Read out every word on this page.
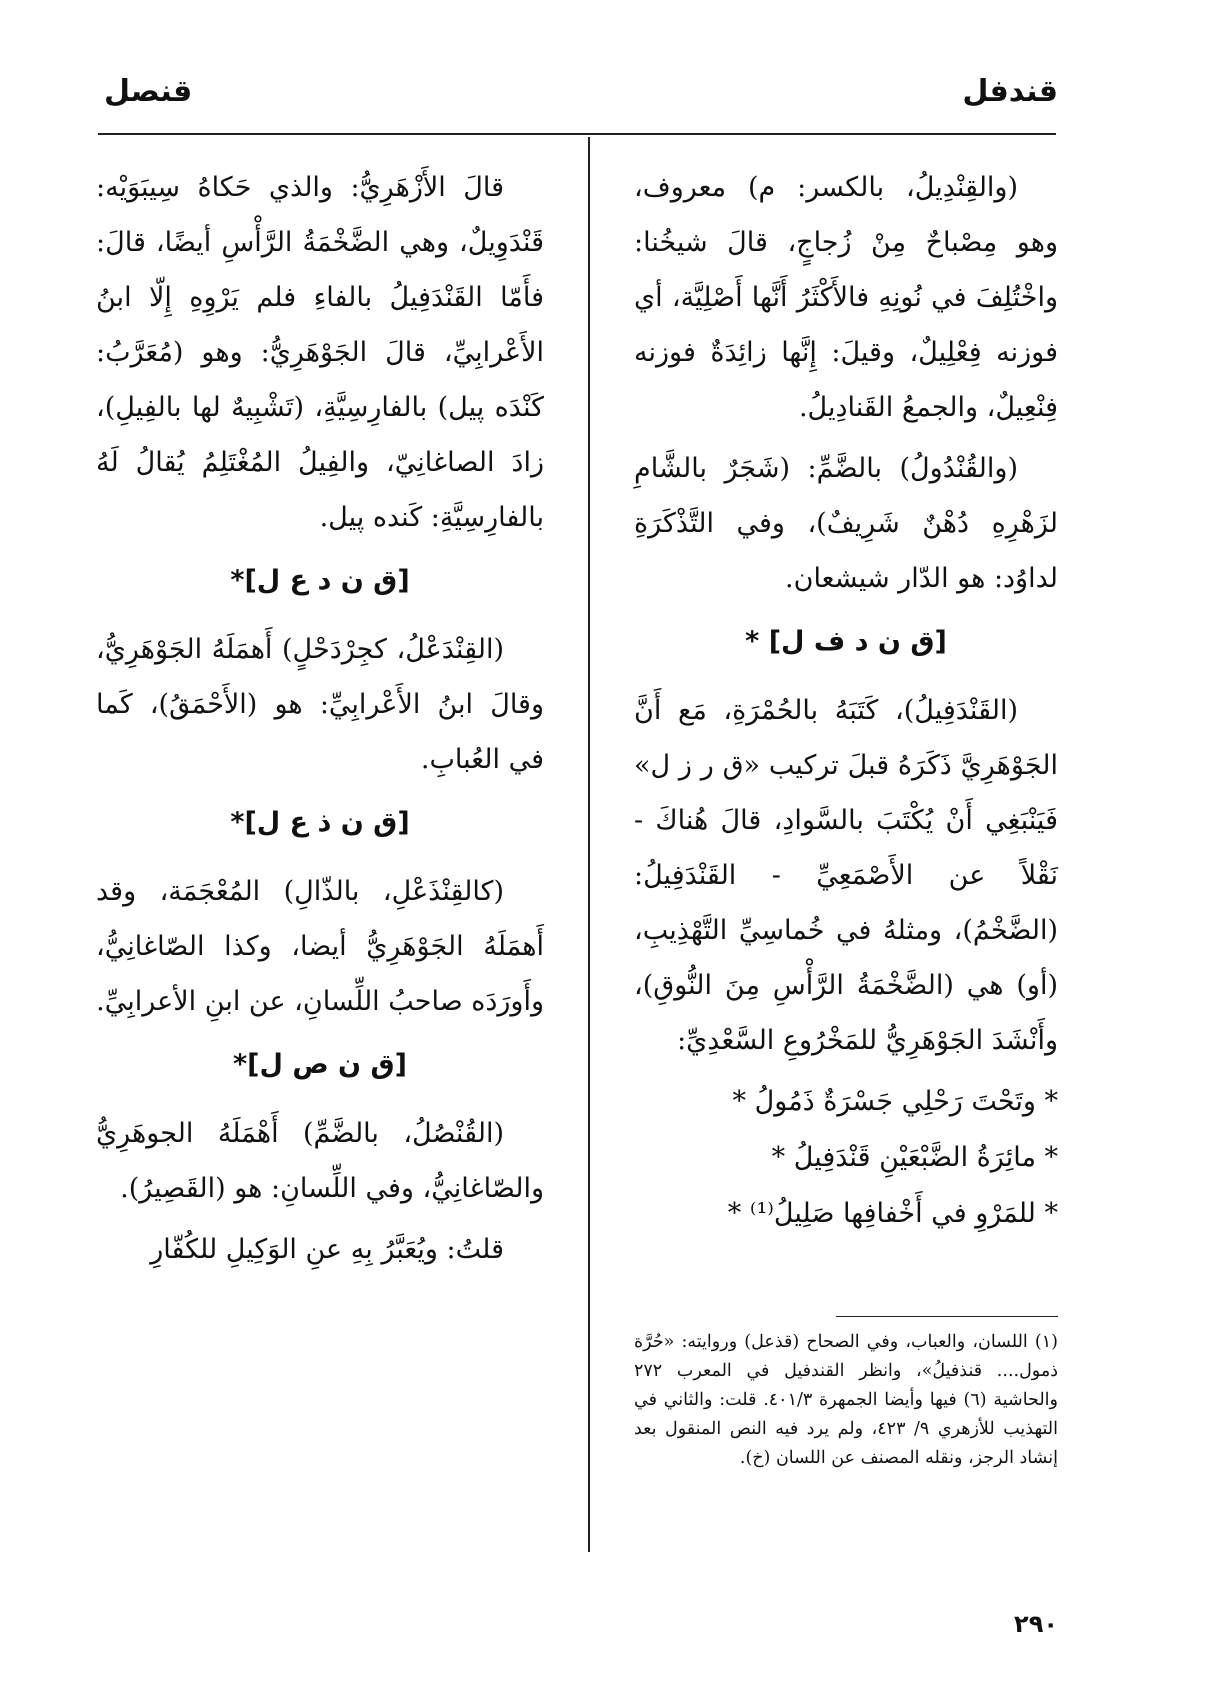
قندفل
قنصل

(والقِنْدِيلُ، بالكسر: م) معروف، وهو مِصْباحٌ مِنْ زُجاجٍ، قالَ شيخُنا: واخْتُلِفَ في نُونِهِ فالأَكْثَرُ أَنَّها أَصْلِيَّة، أي فوزنه فِعْلِيلٌ، وقيلَ: إِنَّها زائِدَةٌ فوزنه فِنْعِيلٌ، والجمعُ القَنادِيلُ.

(والقُنْدُولُ) بالضَّمِّ: (شَجَرٌ بالشَّامِ لزَهْرِهِ دُهْنٌ شَرِيفٌ)، وفي التَّذْكَرَةِ لداوُد: هو الدّار شيشعان.

[ق ن د ف ل] *

(القَنْدَفِيلُ)، كَتَبَهُ بالحُمْرَةِ، مَع أَنَّ الجَوْهَرِيَّ ذَكَرَهُ قبلَ تركيب «ق ر ز ل» فَيَنْبَغِي أَنْ يُكْتَبَ بالسَّوادِ، قالَ هُناكَ - نَقْلاً عن الأَصْمَعِيِّ - القَنْدَفِيلُ: (الضَّخْمُ)، ومثلهُ في خُماسِيِّ التَّهْذِيبِ، (أو) هي (الضَّخْمَةُ الرَّأْسِ مِنَ النُّوقِ)، وأَنْشَدَ الجَوْهَرِيُّ للمَخْرُوعِ السَّعْدِيِّ:

* وتَحْتَ رَحْلِي جَسْرَةٌ ذَمُولُ *

* مائِرَةُ الضَّبْعَيْنِ قَنْدَفِيلُ *

* للمَرْوِ في أَخْفافِها صَلِيلُ⁽¹⁾ *

قالَ الأَزْهَرِيُّ: والذي حَكاهُ سِيبَوَيْه: قَنْدَوِيلٌ، وهي الضَّخْمَةُ الرَّأْسِ أيضًا، قالَ: فأَمّا القَنْدَفِيلُ بالفاءِ فلم يَرْوِهِ إِلّا ابنُ الأَعْرابِيِّ، قالَ الجَوْهَرِيُّ: وهو (مُعَرَّبُ: كَنْدَه پيل) بالفارِسِيَّةِ، (تَشْبِيهٌ لها بالفِيلِ)، زادَ الصاغانِيّ، والفِيلُ المُغْتَلِمُ يُقالُ لَهُ بالفارِسِيَّةِ: كَنده پيل.

[ق ن د ع ل]*

(القِنْدَعْلُ، كجِرْدَحْلٍ) أَهمَلَهُ الجَوْهَرِيُّ، وقالَ ابنُ الأَعْرابِيِّ: هو (الأَحْمَقُ)، كَما في العُبابِ.

[ق ن ذ ع ل]*

(كالقِنْذَعْلِ، بالذّالِ) المُعْجَمَة، وقد أَهمَلَهُ الجَوْهَرِيُّ أيضا، وكذا الصّاغانِيُّ، وأَورَدَه صاحبُ اللِّسانِ، عن ابنِ الأعرابِيِّ.

[ق ن ص ل]*

(القُنْصُلُ، بالضَّمِّ) أَهْمَلَهُ الجوهَرِيُّ والصّاغانِيُّ، وفي اللِّسانِ: هو (القَصِيرُ).

قلتُ: ويُعَبَّرُ بِهِ عنِ الوَكِيلِ للكُفّارِ

(١) اللسان، والعباب، وفي الصحاح (قذعل) وروايته: «حُرَّة ذمول.... قنذفيلُ»، وانظر القندفيل في المعرب ٢٧٢ والحاشية (٦) فيها وأيضا الجمهرة ٤٠١/٣. قلت: والثاني في التهذيب للأزهري ٩/ ٤٢٣، ولم يرد فيه النص المنقول بعد إنشاد الرجز، ونقله المصنف عن اللسان (خ).

٢٩٠
